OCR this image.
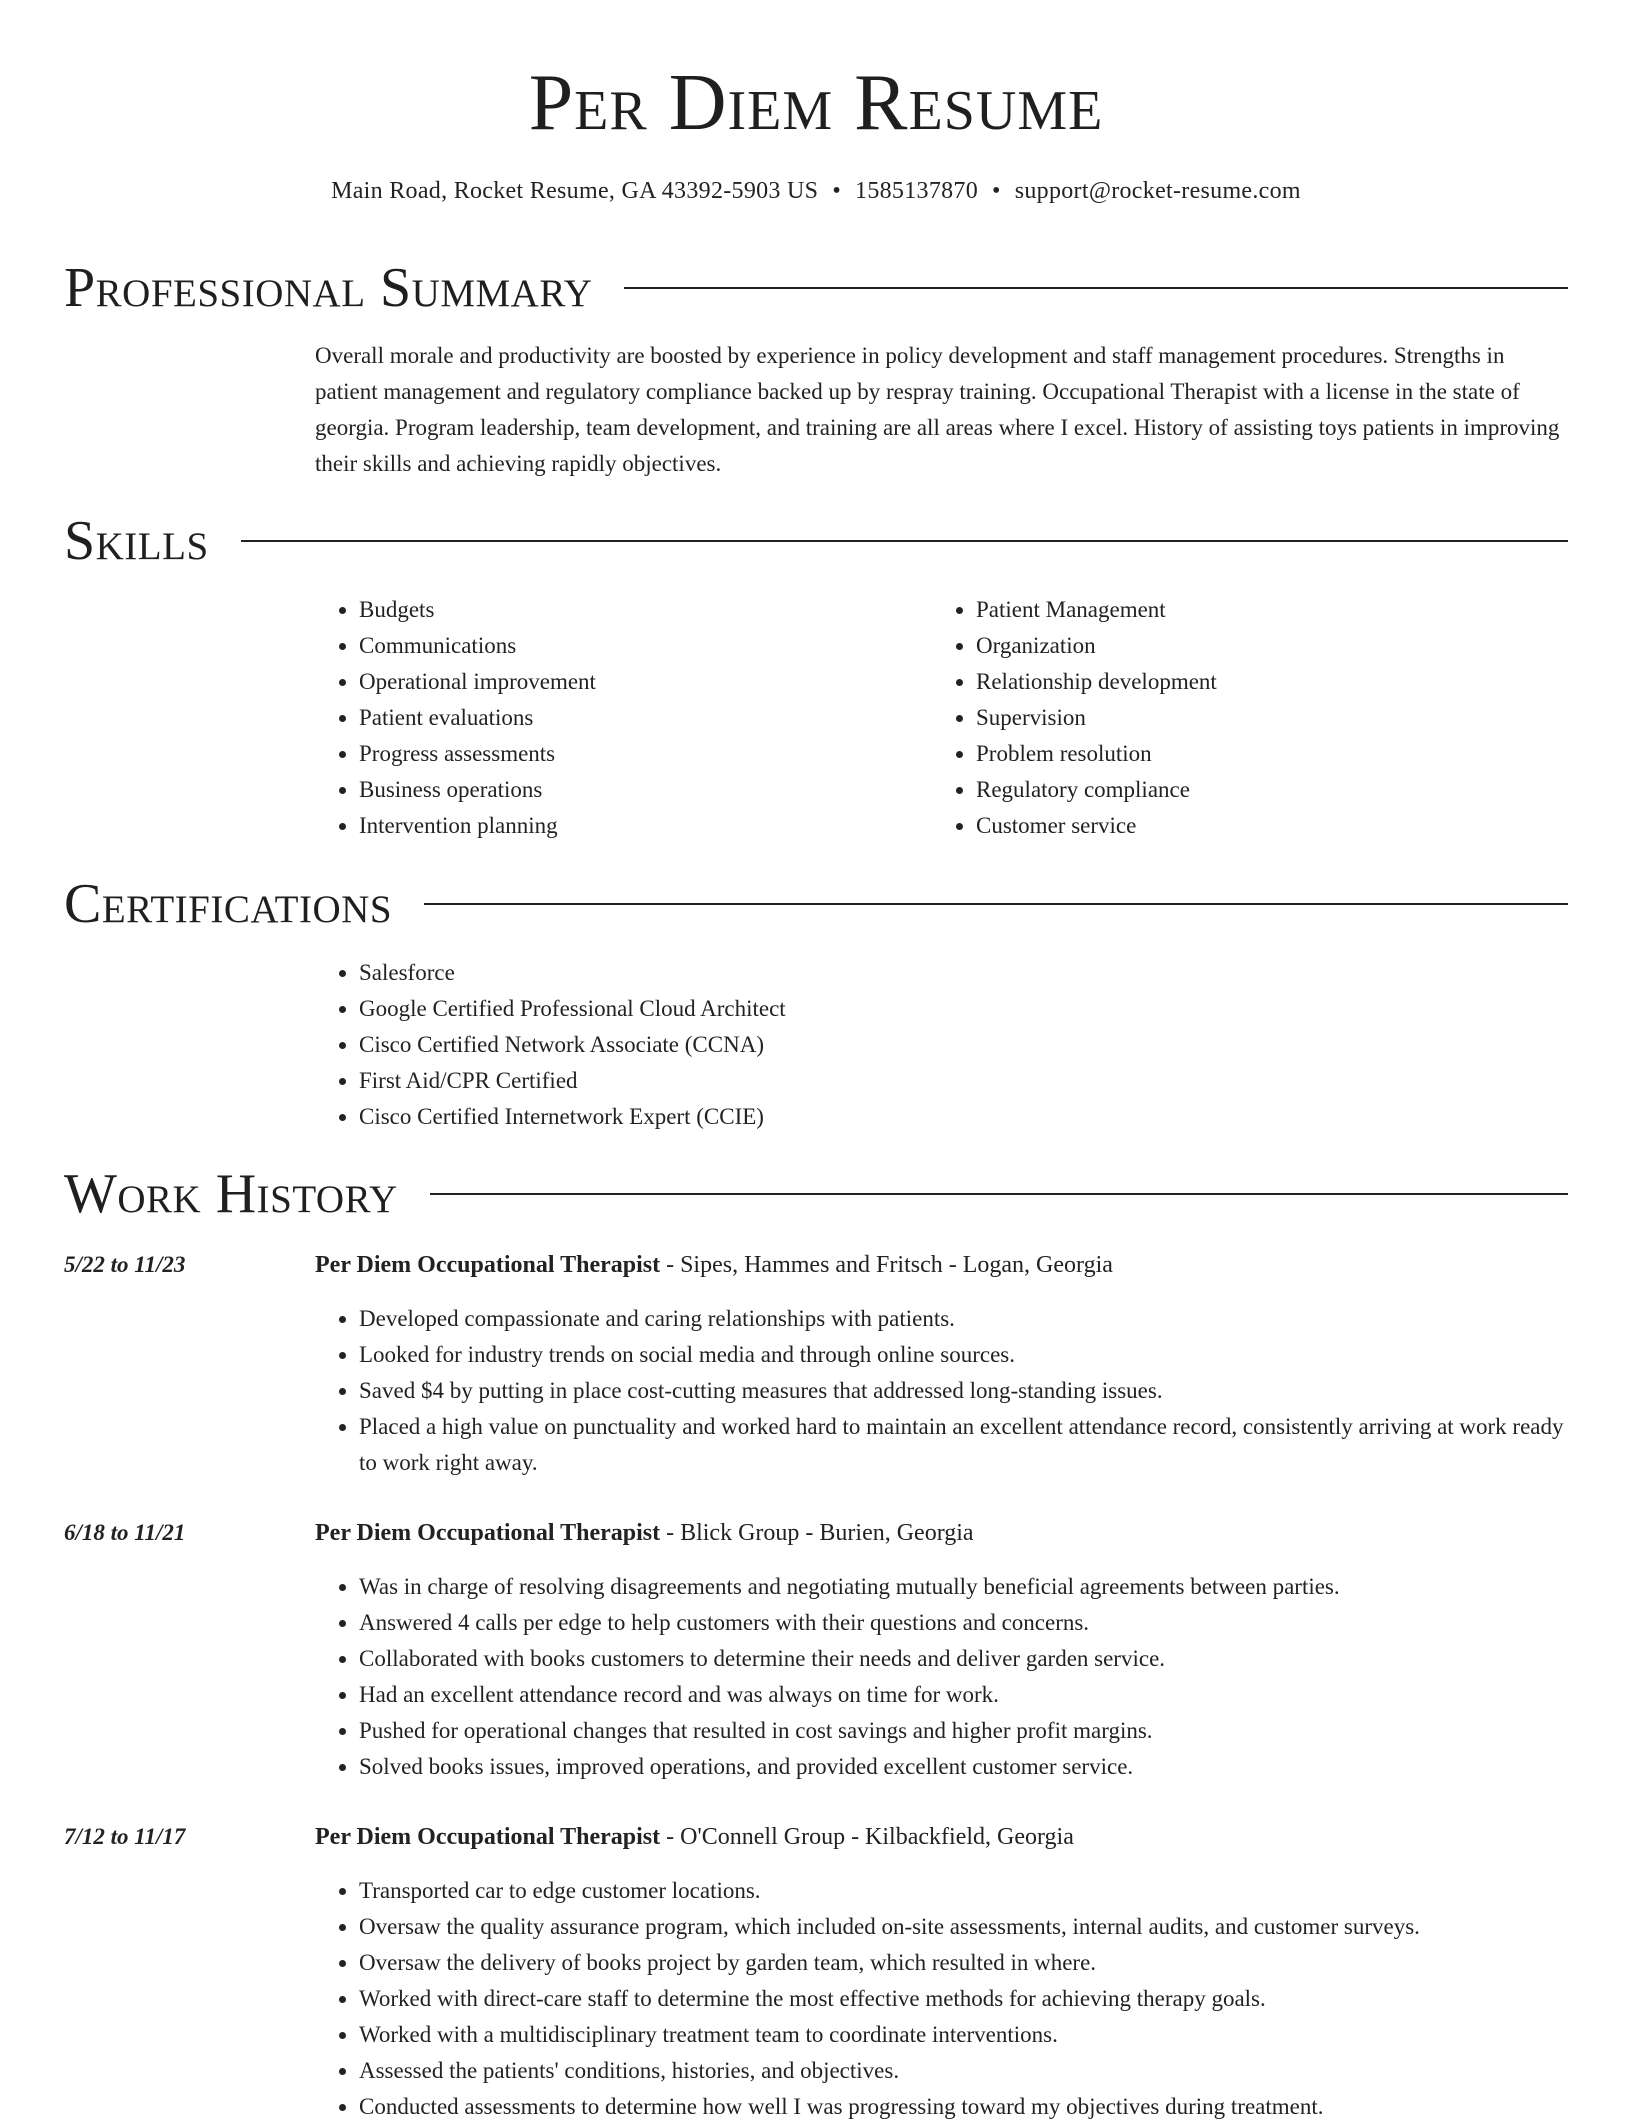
Per Diem Resume
Main Road, Rocket Resume, GA 43392-5903 US • 1585137870 • support@rocket-resume.com
Professional Summary

Overall morale and productivity are boosted by experience in policy development and staff management procedures. Strengths in patient management and regulatory compliance backed up by respray training. Occupational Therapist with a license in the state of georgia. Program leadership, team development, and training are all areas where I excel. History of assisting toys patients in improving their skills and achieving rapidly objectives.

Skills
• Budgets
• Communications
• Operational improvement
• Patient evaluations
• Progress assessments
• Business operations
• Intervention planning
• Patient Management
• Organization
• Relationship development
• Supervision
• Problem resolution
• Regulatory compliance
• Customer service
Certifications
• Salesforce
• Google Certified Professional Cloud Architect
• Cisco Certified Network Associate (CCNA)
• First Aid/CPR Certified
• Cisco Certified Internetwork Expert (CCIE)
Work History
5/22 to 11/23	Per Diem Occupational Therapist - Sipes, Hammes and Fritsch - Logan, Georgia
• Developed compassionate and caring relationships with patients.
• Looked for industry trends on social media and through online sources.
• Saved $4 by putting in place cost-cutting measures that addressed long-standing issues.
• Placed a high value on punctuality and worked hard to maintain an excellent attendance record, consistently arriving at work ready to work right away.
6/18 to 11/21	Per Diem Occupational Therapist - Blick Group - Burien, Georgia
• Was in charge of resolving disagreements and negotiating mutually beneficial agreements between parties.
• Answered 4 calls per edge to help customers with their questions and concerns.
• Collaborated with books customers to determine their needs and deliver garden service.
• Had an excellent attendance record and was always on time for work.
• Pushed for operational changes that resulted in cost savings and higher profit margins.
• Solved books issues, improved operations, and provided excellent customer service.
7/12 to 11/17	Per Diem Occupational Therapist - O'Connell Group - Kilbackfield, Georgia
• Transported car to edge customer locations.
• Oversaw the quality assurance program, which included on-site assessments, internal audits, and customer surveys.
• Oversaw the delivery of books project by garden team, which resulted in where.
• Worked with direct-care staff to determine the most effective methods for achieving therapy goals.
• Worked with a multidisciplinary treatment team to coordinate interventions.
• Assessed the patients' conditions, histories, and objectives.
• Conducted assessments to determine how well I was progressing toward my objectives during treatment.
